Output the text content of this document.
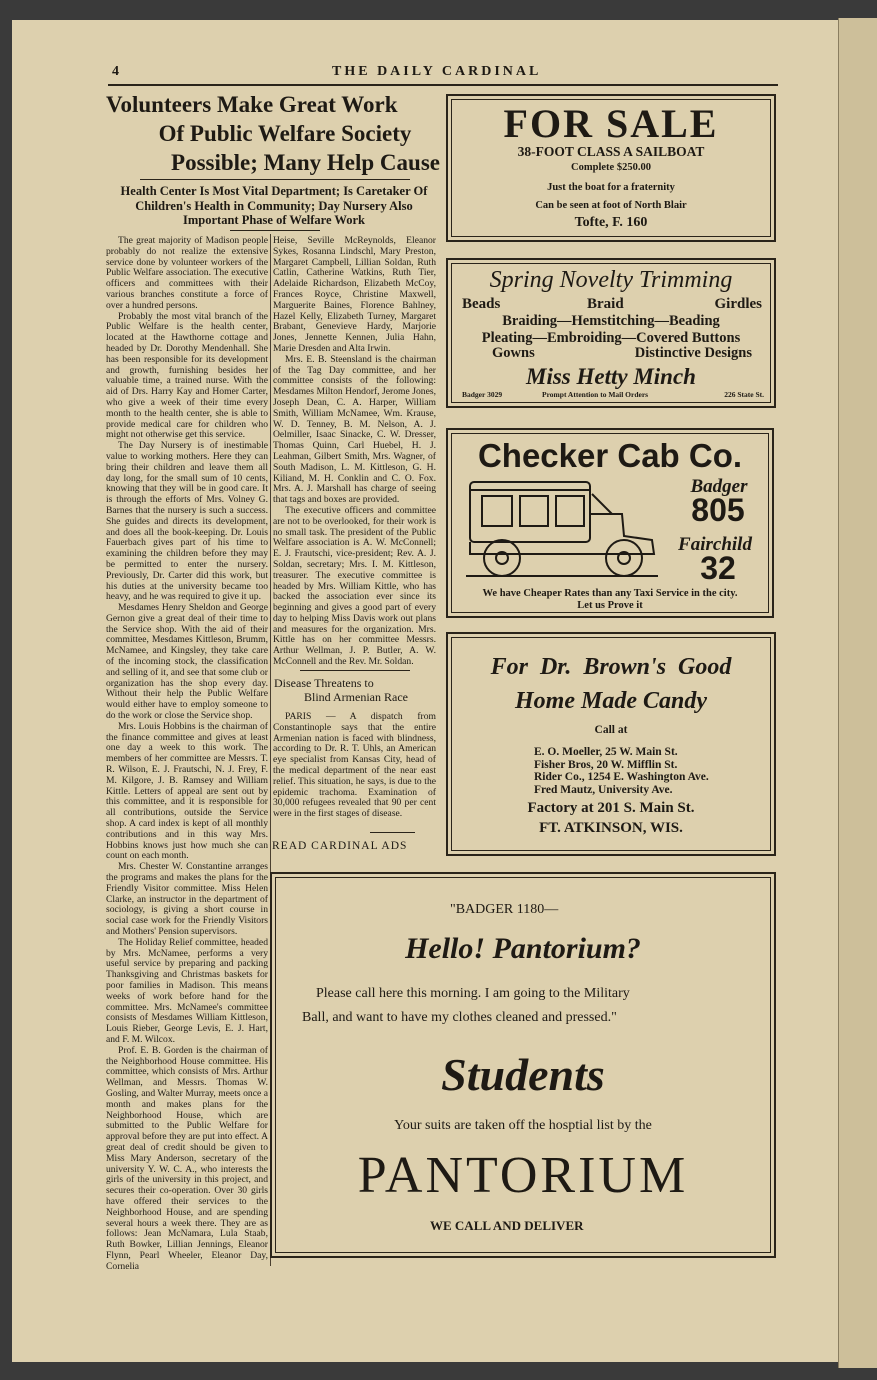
4	THE DAILY CARDINAL
Volunteers Make Great Work
Of Public Welfare Society
Possible; Many Help Cause
Health Center Is Most Vital Department; Is Caretaker Of Children's Health in Community; Day Nursery Also Important Phase of Welfare Work

The great majority of Madison people probably do not realize the extensive service done by volunteer workers of the Public Welfare association. The executive officers and committees with their various branches constitute a force of over a hundred persons.

Probably the most vital branch of the Public Welfare is the health center, located at the Hawthorne cottage and headed by Dr. Dorothy Mendenhall. She has been responsible for its development and growth, furnishing besides her valuable time, a trained nurse. With the aid of Drs. Harry Kay and Homer Carter, who give a week of their time every month to the health center, she is able to provide medical care for children who might not otherwise get this service.

The Day Nursery is of inestimable value to working mothers. Here they can bring their children and leave them all day long, for the small sum of 10 cents, knowing that they will be in good care. It is through the efforts of Mrs. Volney G. Barnes that the nursery is such a success. She guides and directs its development, and does all the book-keeping. Dr. Louis Fauerbach gives part of his time to examining the children before they may be permitted to enter the nursery. Previously, Dr. Carter did this work, but his duties at the university became too heavy, and he was required to give it up.

Mesdames Henry Sheldon and George Gernon give a great deal of their time to the Service shop. With the aid of their committee, Mesdames Kittleson, Brumm, McNamee, and Kingsley, they take care of the incoming stock, the classification and selling of it, and see that some club or organization has the shop every day. Without their help the Public Welfare would either have to employ someone to do the work or close the Service shop.

Mrs. Louis Hobbins is the chairman of the finance committee and gives at least one day a week to this work. The members of her committee are Messrs. T. R. Wilson, E. J. Frautschi, N. J. Frey, F. M. Kilgore, J. B. Ramsey and William Kittle. Letters of appeal are sent out by this committee, and it is responsible for all contributions, outside the Service shop. A card index is kept of all monthly contributions and in this way Mrs. Hobbins knows just how much she can count on each month.

Mrs. Chester W. Constantine arranges the programs and makes the plans for the Friendly Visitor committee. Miss Helen Clarke, an instructor in the department of sociology, is giving a short course in social case work for the Friendly Visitors and Mothers' Pension supervisors.

The Holiday Relief committee, headed by Mrs. McNamee, performs a very useful service by preparing and packing Thanksgiving and Christmas baskets for poor families in Madison. This means weeks of work before hand for the committee. Mrs. McNamee's committee consists of Mesdames William Kittleson, Louis Rieber, George Levis, E. J. Hart, and F. M. Wilcox.

Prof. E. B. Gorden is the chairman of the Neighborhood House committee. His committee, which consists of Mrs. Arthur Wellman, and Messrs. Thomas W. Gosling, and Walter Murray, meets once a month and makes plans for the Neighborhood House, which are submitted to the Public Welfare for approval before they are put into effect. A great deal of credit should be given to Miss Mary Anderson, secretary of the university Y. W. C. A., who interests the girls of the university in this project, and secures their co-operation. Over 30 girls have offered their services to the Neighborhood House, and are spending several hours a week there. They are as follows: Jean McNamara, Lula Staab, Ruth Bowker, Lillian Jennings, Eleanor Flynn, Pearl Wheeler, Eleanor Day, Cornelia

Heise, Seville McReynolds, Eleanor Sykes, Rosanna Lindschl, Mary Preston, Margaret Campbell, Lillian Soldan, Ruth Catlin, Catherine Watkins, Ruth Tier, Adelaide Richardson, Elizabeth McCoy, Frances Royce, Christine Maxwell, Marguerite Baines, Florence Bahlney, Hazel Kelly, Elizabeth Turney, Margaret Brabant, Genevieve Hardy, Marjorie Jones, Jennette Kennen, Julia Hahn, Marie Dresden and Alta Irwin.

Mrs. E. B. Steensland is the chairman of the Tag Day committee, and her committee consists of the following: Mesdames Milton Hendorf, Jerome Jones, Joseph Dean, C. A. Harper, William Smith, William McNamee, Wm. Krause, W. D. Tenney, B. M. Nelson, A. J. Oelmiller, Isaac Sinacke, C. W. Dresser, Thomas Quinn, Carl Huebel, H. J. Leahman, Gilbert Smith, Mrs. Wagner, of South Madison, L. M. Kittleson, G. H. Kiliand, M. H. Conklin and C. O. Fox. Mrs. A. J. Marshall has charge of seeing that tags and boxes are provided.

The executive officers and committee are not to be overlooked, for their work is no small task. The president of the Public Welfare association is A. W. McConnell; E. J. Frautschi, vice-president; Rev. A. J. Soldan, secretary; Mrs. I. M. Kittleson, treasurer. The executive committee is headed by Mrs. William Kittle, who has backed the association ever since its beginning and gives a good part of every day to helping Miss Davis work out plans and measures for the organization. Mrs. Kittle has on her committee Messrs. Arthur Wellman, J. P. Butler, A. W. McConnell and the Rev. Mr. Soldan.

Disease Threatens to
Blind Armenian Race

PARIS — A dispatch from Constantinople says that the entire Armenian nation is faced with blindness, according to Dr. R. T. Uhls, an American eye specialist from Kansas City, head of the medical department of the near east relief. This situation, he says, is due to the epidemic trachoma. Examination of 30,000 refugees revealed that 90 per cent were in the first stages of disease.

READ CARDINAL ADS
FOR SALE
38-FOOT CLASS A SAILBOAT
Complete $250.00
Just the boat for a fraternity
Can be seen at foot of North Blair
Tofte, F. 160
Spring Novelty Trimming
Beads	Braid	Girdles
Braiding—Hemstitching—Beading
Pleating—Embroiding—Covered Buttons
Gowns	Distinctive Designs
Miss Hetty Minch
Badger 3029	Prompt Attention to Mail Orders	226 State St.
Checker Cab Co.
Badger
805
Fairchild
32
We have Cheaper Rates than any Taxi Service in the city.
Let us Prove it
For Dr. Brown's Good
Home Made Candy
Call at
E. O. Moeller, 25 W. Main St.
Fisher Bros, 20 W. Mifflin St.
Rider Co., 1254 E. Washington Ave.
Fred Mautz, University Ave.
Factory at 201 S. Main St.
FT. ATKINSON, WIS.
"BADGER 1180—
Hello! Pantorium?
Please call here this morning. I am going to the Military
Ball, and want to have my clothes cleaned and pressed."
Students
Your suits are taken off the hosptial list by the
PANTORIUM
WE CALL AND DELIVER
